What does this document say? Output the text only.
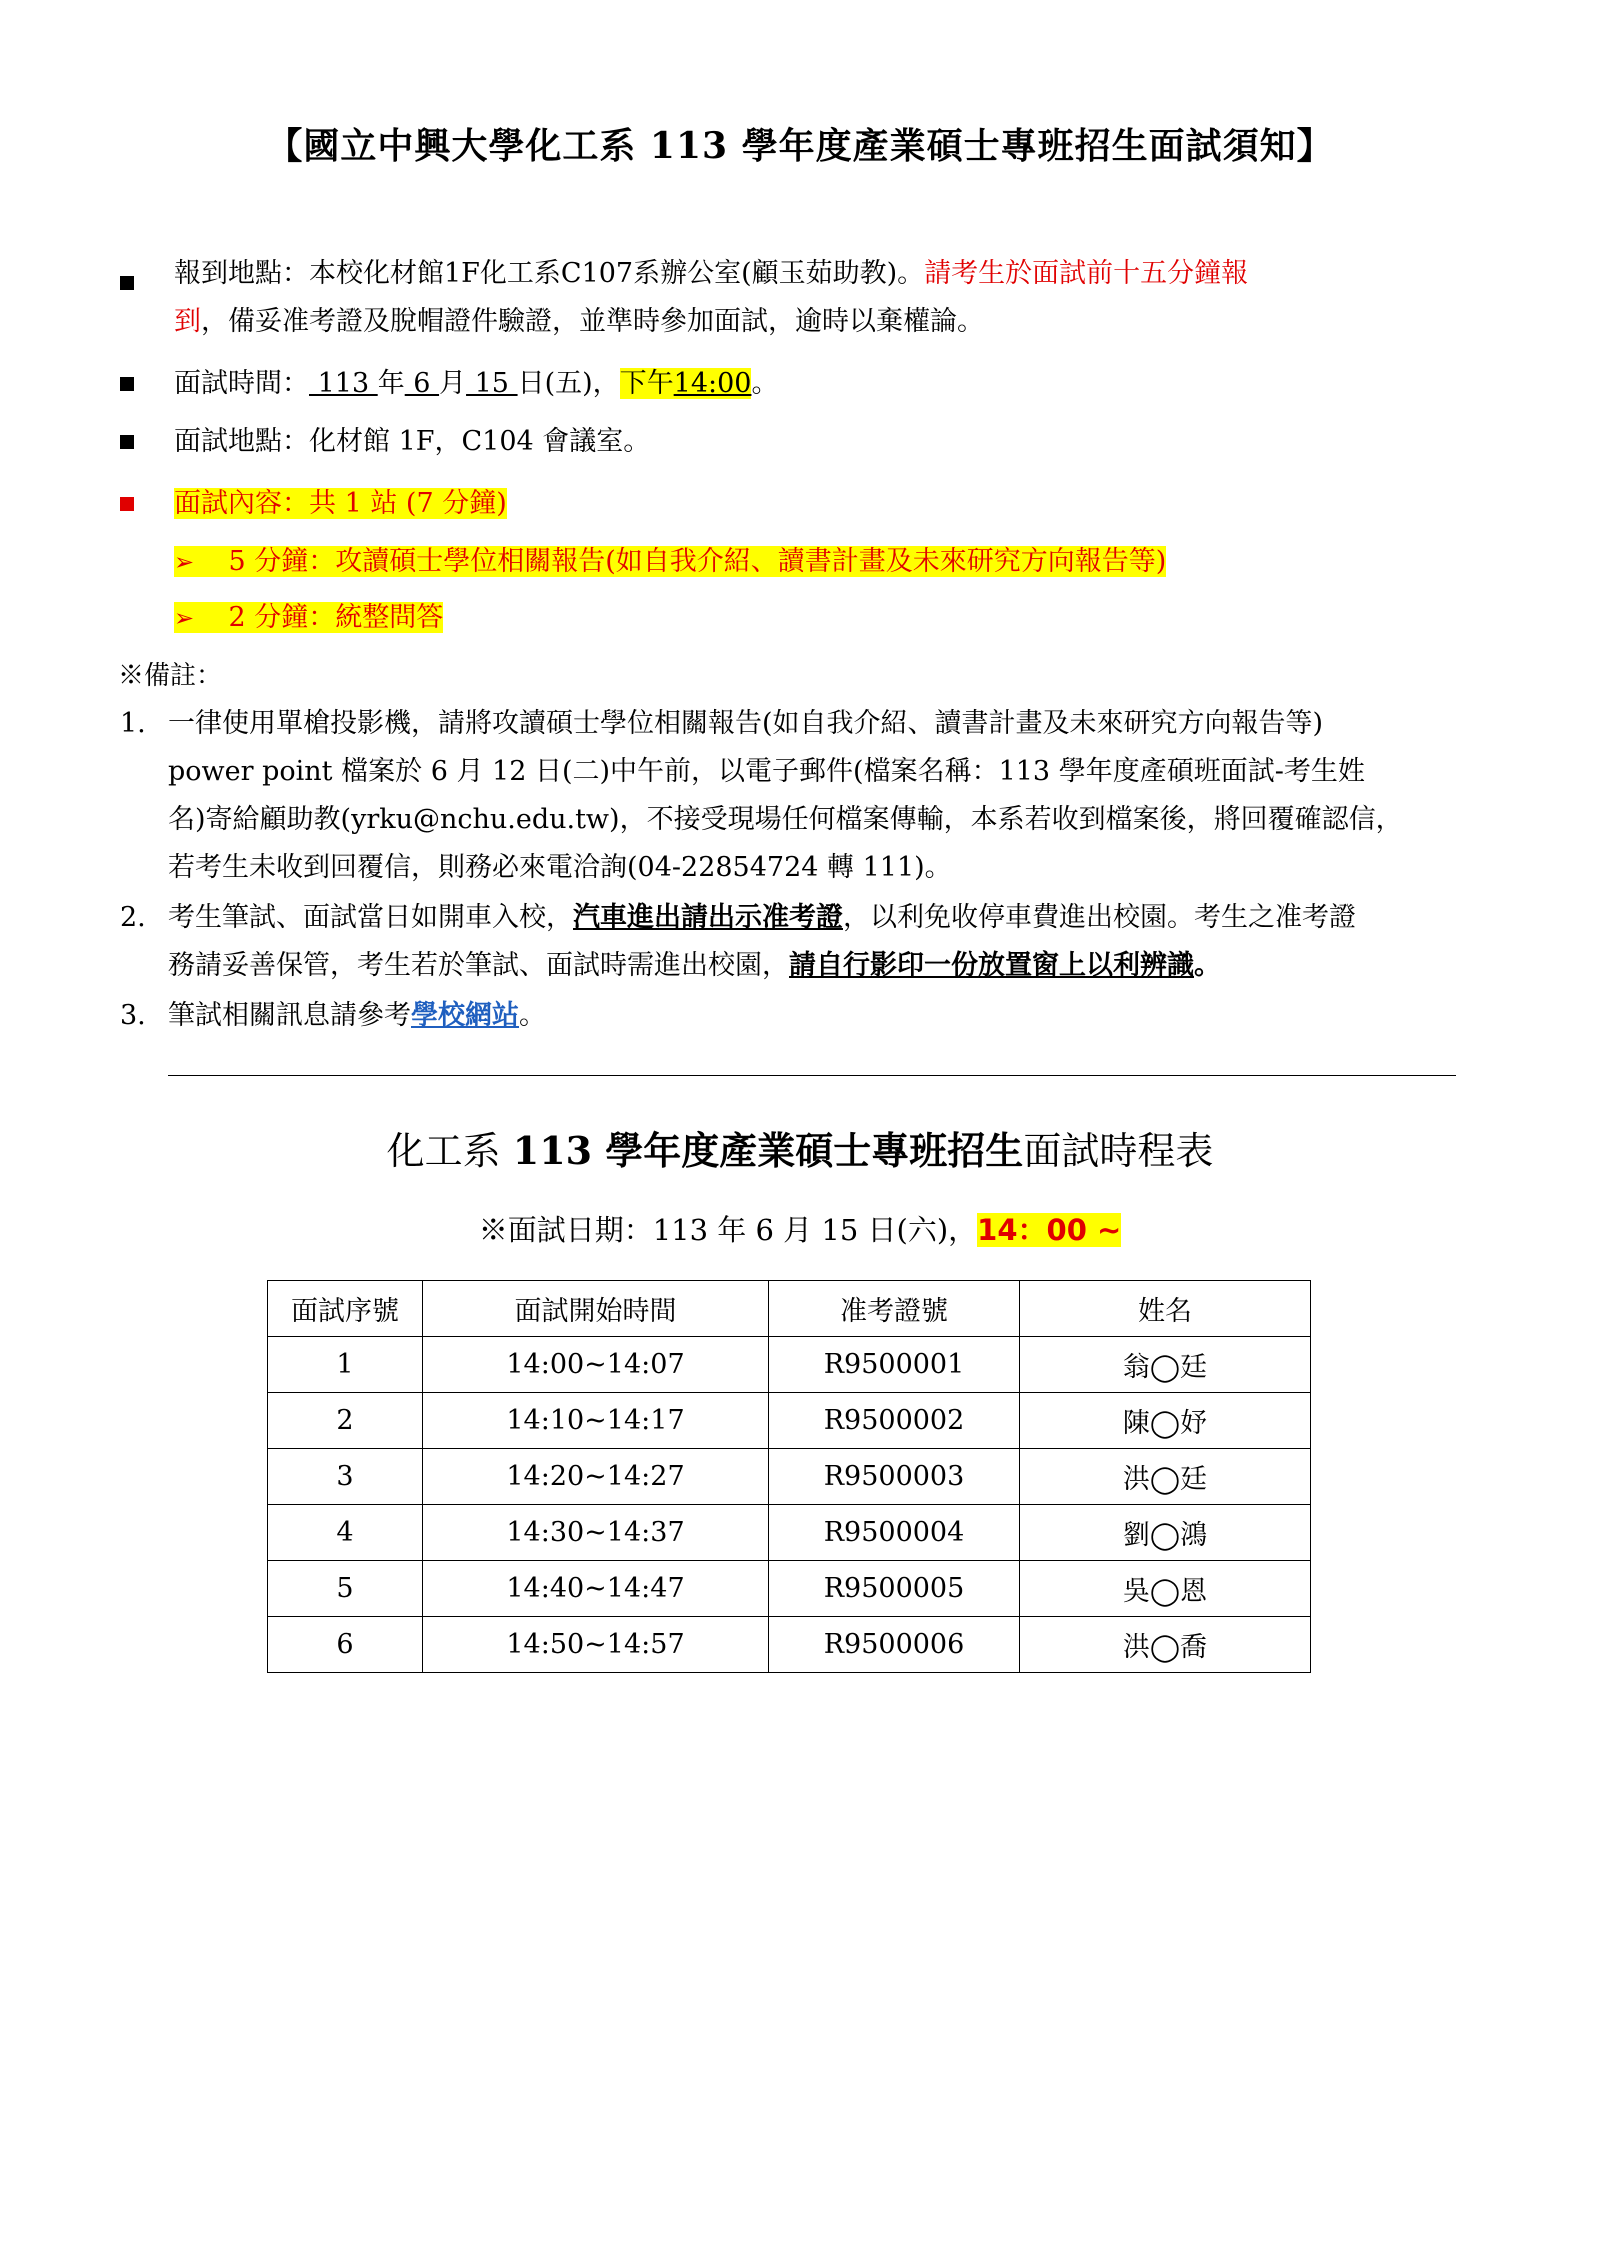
【國立中興大學化工系 113 學年度產業碩士專班招生面試須知】
報到地點：本校化材館1F化工系C107系辦公室(顧玉茹助教)。請考生於面試前十五分鐘報
到，備妥准考證及脫帽證件驗證，並準時參加面試，逾時以棄權論。
面試時間： 113 年 6 月 15 日(五)，下午14:00。
面試地點：化材館 1F，C104 會議室。
面試內容：共 1 站 (7 分鐘)
➢ 5 分鐘：攻讀碩士學位相關報告(如自我介紹、讀書計畫及未來研究方向報告等)
➢ 2 分鐘：統整問答
※備註：
1. 一律使用單槍投影機，請將攻讀碩士學位相關報告(如自我介紹、讀書計畫及未來研究方向報告等)
power point 檔案於 6 月 12 日(二)中午前，以電子郵件(檔案名稱：113 學年度產碩班面試-考生姓
名)寄給顧助教(yrku@nchu.edu.tw)，不接受現場任何檔案傳輸，本系若收到檔案後，將回覆確認信，
若考生未收到回覆信，則務必來電洽詢(04-22854724 轉 111)。
2. 考生筆試、面試當日如開車入校，汽車進出請出示准考證，以利免收停車費進出校園。考生之准考證
務請妥善保管，考生若於筆試、面試時需進出校園，請自行影印一份放置窗上以利辨識。
3. 筆試相關訊息請參考學校網站。
化工系 113 學年度產業碩士專班招生面試時程表
※面試日期：113 年 6 月 15 日(六)，14：00 ~
面試序號	面試開始時間	准考證號	姓名
1	14:00~14:07	R9500001	翁◯廷
2	14:10~14:17	R9500002	陳◯妤
3	14:20~14:27	R9500003	洪◯廷
4	14:30~14:37	R9500004	劉◯鴻
5	14:40~14:47	R9500005	吳◯恩
6	14:50~14:57	R9500006	洪◯喬
